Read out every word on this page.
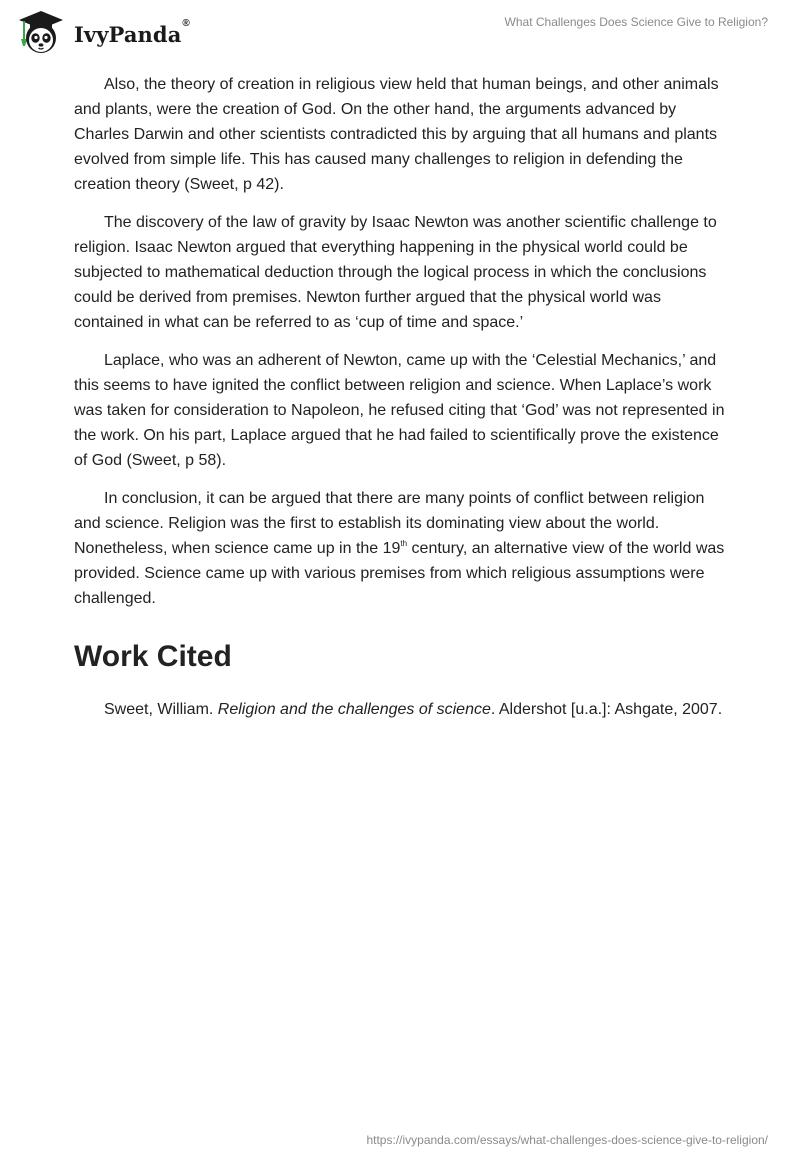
IvyPanda®	What Challenges Does Science Give to Religion?

Also, the theory of creation in religious view held that human beings, and other animals and plants, were the creation of God. On the other hand, the arguments advanced by Charles Darwin and other scientists contradicted this by arguing that all humans and plants evolved from simple life. This has caused many challenges to religion in defending the creation theory (Sweet, p 42).

The discovery of the law of gravity by Isaac Newton was another scientific challenge to religion. Isaac Newton argued that everything happening in the physical world could be subjected to mathematical deduction through the logical process in which the conclusions could be derived from premises. Newton further argued that the physical world was contained in what can be referred to as ‘cup of time and space.’

Laplace, who was an adherent of Newton, came up with the ‘Celestial Mechanics,’ and this seems to have ignited the conflict between religion and science. When Laplace’s work was taken for consideration to Napoleon, he refused citing that ‘God’ was not represented in the work. On his part, Laplace argued that he had failed to scientifically prove the existence of God (Sweet, p 58).

In conclusion, it can be argued that there are many points of conflict between religion and science. Religion was the first to establish its dominating view about the world. Nonetheless, when science came up in the 19th century, an alternative view of the world was provided. Science came up with various premises from which religious assumptions were challenged.

Work Cited

Sweet, William. Religion and the challenges of science. Aldershot [u.a.]: Ashgate, 2007.

https://ivypanda.com/essays/what-challenges-does-science-give-to-religion/
